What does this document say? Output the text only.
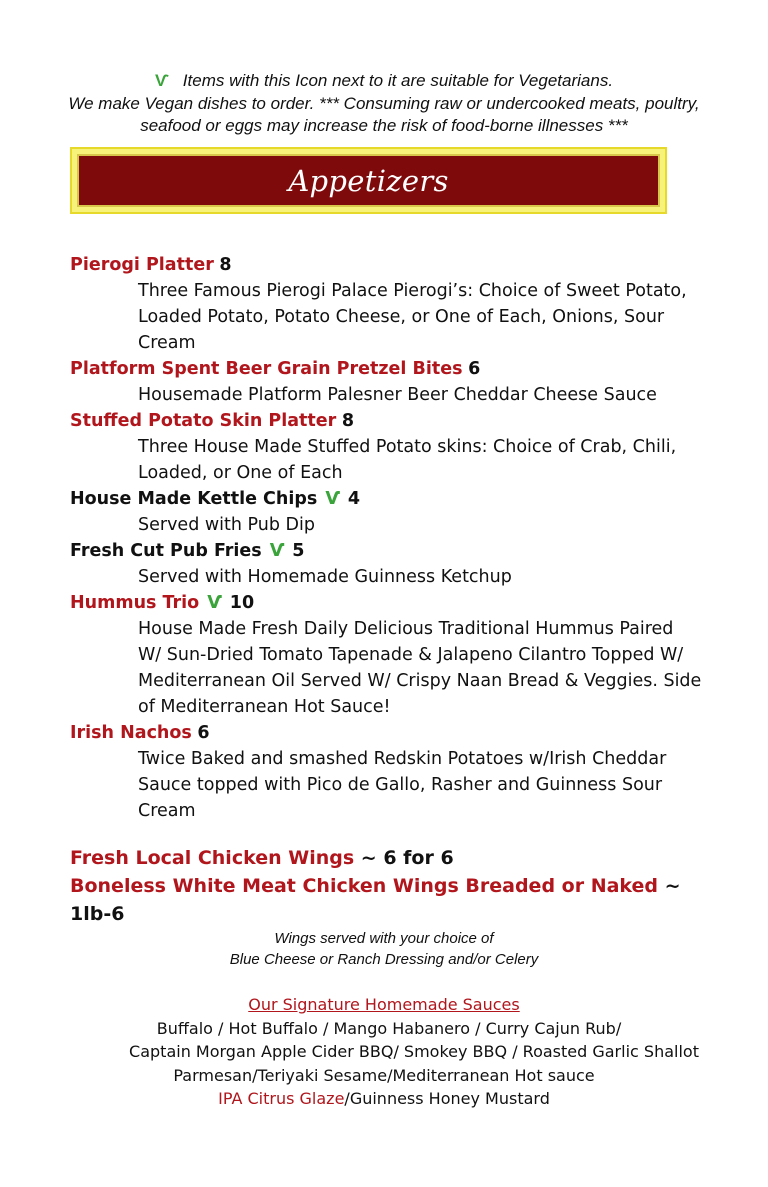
Ѵ Items with this Icon next to it are suitable for Vegetarians.
We make Vegan dishes to order. *** Consuming raw or undercooked meats, poultry,
seafood or eggs may increase the risk of food-borne illnesses ***
Appetizers
Pierogi Platter 8
Three Famous Pierogi Palace Pierogi’s: Choice of Sweet Potato,
Loaded Potato, Potato Cheese, or One of Each, Onions, Sour
Cream
Platform Spent Beer Grain Pretzel Bites 6
Housemade Platform Palesner Beer Cheddar Cheese Sauce
Stuffed Potato Skin Platter 8
Three House Made Stuffed Potato skins: Choice of Crab, Chili,
Loaded, or One of Each
House Made Kettle Chips Ѵ 4
Served with Pub Dip
Fresh Cut Pub Fries Ѵ 5
Served with Homemade Guinness Ketchup
Hummus Trio Ѵ 10
House Made Fresh Daily Delicious Traditional Hummus Paired
W/ Sun-Dried Tomato Tapenade & Jalapeno Cilantro Topped W/
Mediterranean Oil Served W/ Crispy Naan Bread & Veggies. Side
of Mediterranean Hot Sauce!
Irish Nachos 6
Twice Baked and smashed Redskin Potatoes w/Irish Cheddar
Sauce topped with Pico de Gallo, Rasher and Guinness Sour
Cream
Fresh Local Chicken Wings ~ 6 for 6
Boneless White Meat Chicken Wings Breaded or Naked ~ 1lb-6
Wings served with your choice of
Blue Cheese or Ranch Dressing and/or Celery
Our Signature Homemade Sauces
Buffalo / Hot Buffalo / Mango Habanero / Curry Cajun Rub/
Captain Morgan Apple Cider BBQ/ Smokey BBQ / Roasted Garlic Shallot
Parmesan/Teriyaki Sesame/Mediterranean Hot sauce
IPA Citrus Glaze/Guinness Honey Mustard
